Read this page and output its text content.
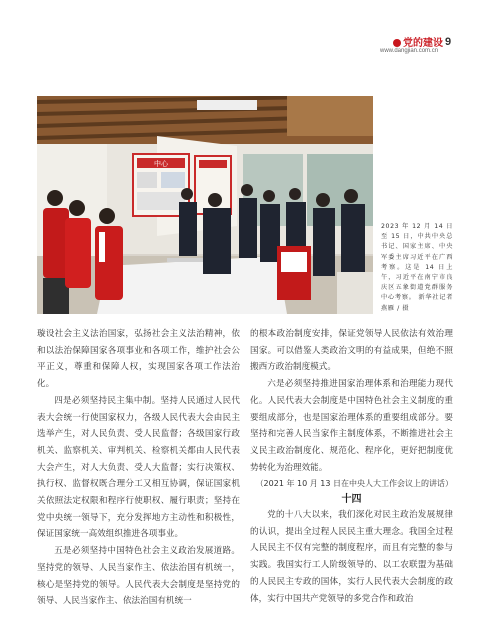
党的建设
www.dangjian.com.cn
9
中心
2023 年 12 月 14 日至 15 日，中共中央总书记、国家主席、中央军委主席习近平在广西考察。这是 14 日上午，习近平在南宁市良庆区五象街道党群服务中心考察。 新华社记者 燕雁 / 摄

璇设社会主义法治国家，弘扬社会主义法治精神，依和以法治保障国家各项事业和各项工作，维护社会公平正义，尊重和保障人权，实现国家各项工作法治化。

四是必须坚持民主集中制。坚持人民通过人民代表大会统一行使国家权力，各级人民代表大会由民主选举产生，对人民负责、受人民监督；各级国家行政机关、监察机关、审判机关、检察机关都由人民代表大会产生，对人大负责、受人大监督；实行决策权、执行权、监督权既合理分工又相互协调，保证国家机关依照法定权限和程序行使职权、履行职责；坚持在党中央统一领导下，充分发挥地方主动性和积极性，保证国家统一高效组织推进各项事业。

五是必须坚持中国特色社会主义政治发展道路。坚持党的领导、人民当家作主、依法治国有机统一，核心是坚持党的领导。人民代表大会制度是坚持党的领导、人民当家作主、依法治国有机统一

的根本政治制度安排，保证党领导人民依法有效治理国家。可以借鉴人类政治文明的有益成果，但绝不照搬西方政治制度模式。

六是必须坚持推进国家治理体系和治理能力现代化。人民代表大会制度是中国特色社会主义制度的重要组成部分，也是国家治理体系的重要组成部分。要坚持和完善人民当家作主制度体系，不断推进社会主义民主政治制度化、规范化、程序化，更好把制度优势转化为治理效能。

（2021 年 10 月 13 日在中央人大工作会议上的讲话）

十四

党的十八大以来，我们深化对民主政治发展规律的认识，提出全过程人民民主重大理念。我国全过程人民民主不仅有完整的制度程序，而且有完整的参与实践。我国实行工人阶级领导的、以工农联盟为基础的人民民主专政的国体，实行人民代表大会制度的政体，实行中国共产党领导的多党合作和政治
